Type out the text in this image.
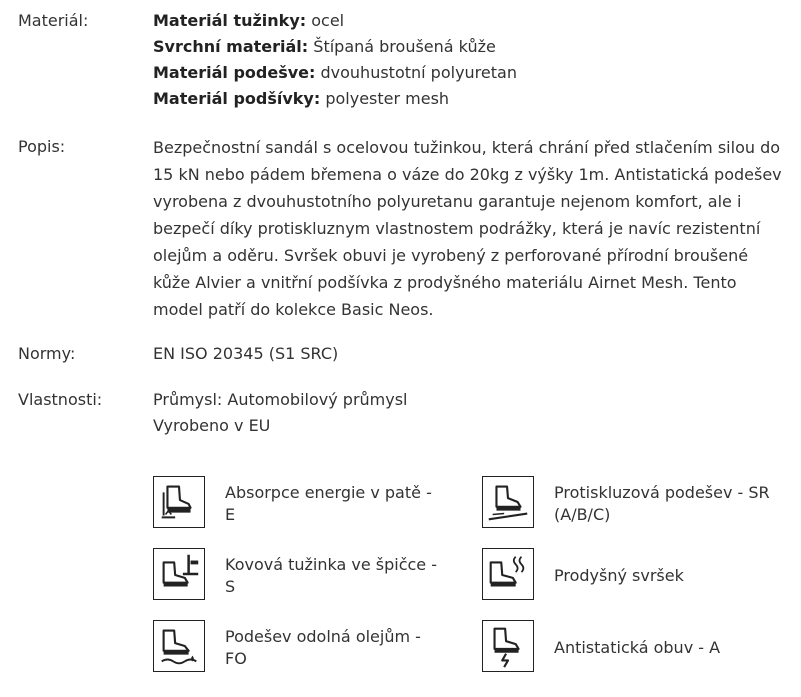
Materiál:	Materiál tužinky: ocel
Svrchní materiál: Štípaná broušená kůže
Materiál podešve: dvouhustotní polyuretan
Materiál podšívky: polyester mesh
Popis:	Bezpečnostní sandál s ocelovou tužinkou, která chrání před stlačením silou do
15 kN nebo pádem břemena o váze do 20kg z výšky 1m. Antistatická podešev
vyrobena z dvouhustotního polyuretanu garantuje nejenom komfort, ale i
bezpečí díky protiskluznym vlastnostem podrážky, která je navíc rezistentní
olejům a oděru. Svršek obuvi je vyrobený z perforované přírodní broušené
kůže Alvier a vnitřní podšívka z prodyšného materiálu Airnet Mesh. Tento
model patří do kolekce Basic Neos.
Normy:	EN ISO 20345 (S1 SRC)
Vlastnosti:	Průmysl: Automobilový průmysl
Vyrobeno v EU
Absorpce energie v patě - E
Protiskluzová podešev - SR
(A/B/C)
Kovová tužinka ve špičce -
S
Prodyšný svršek
Podešev odolná olejům -
FO
Antistatická obuv - A
